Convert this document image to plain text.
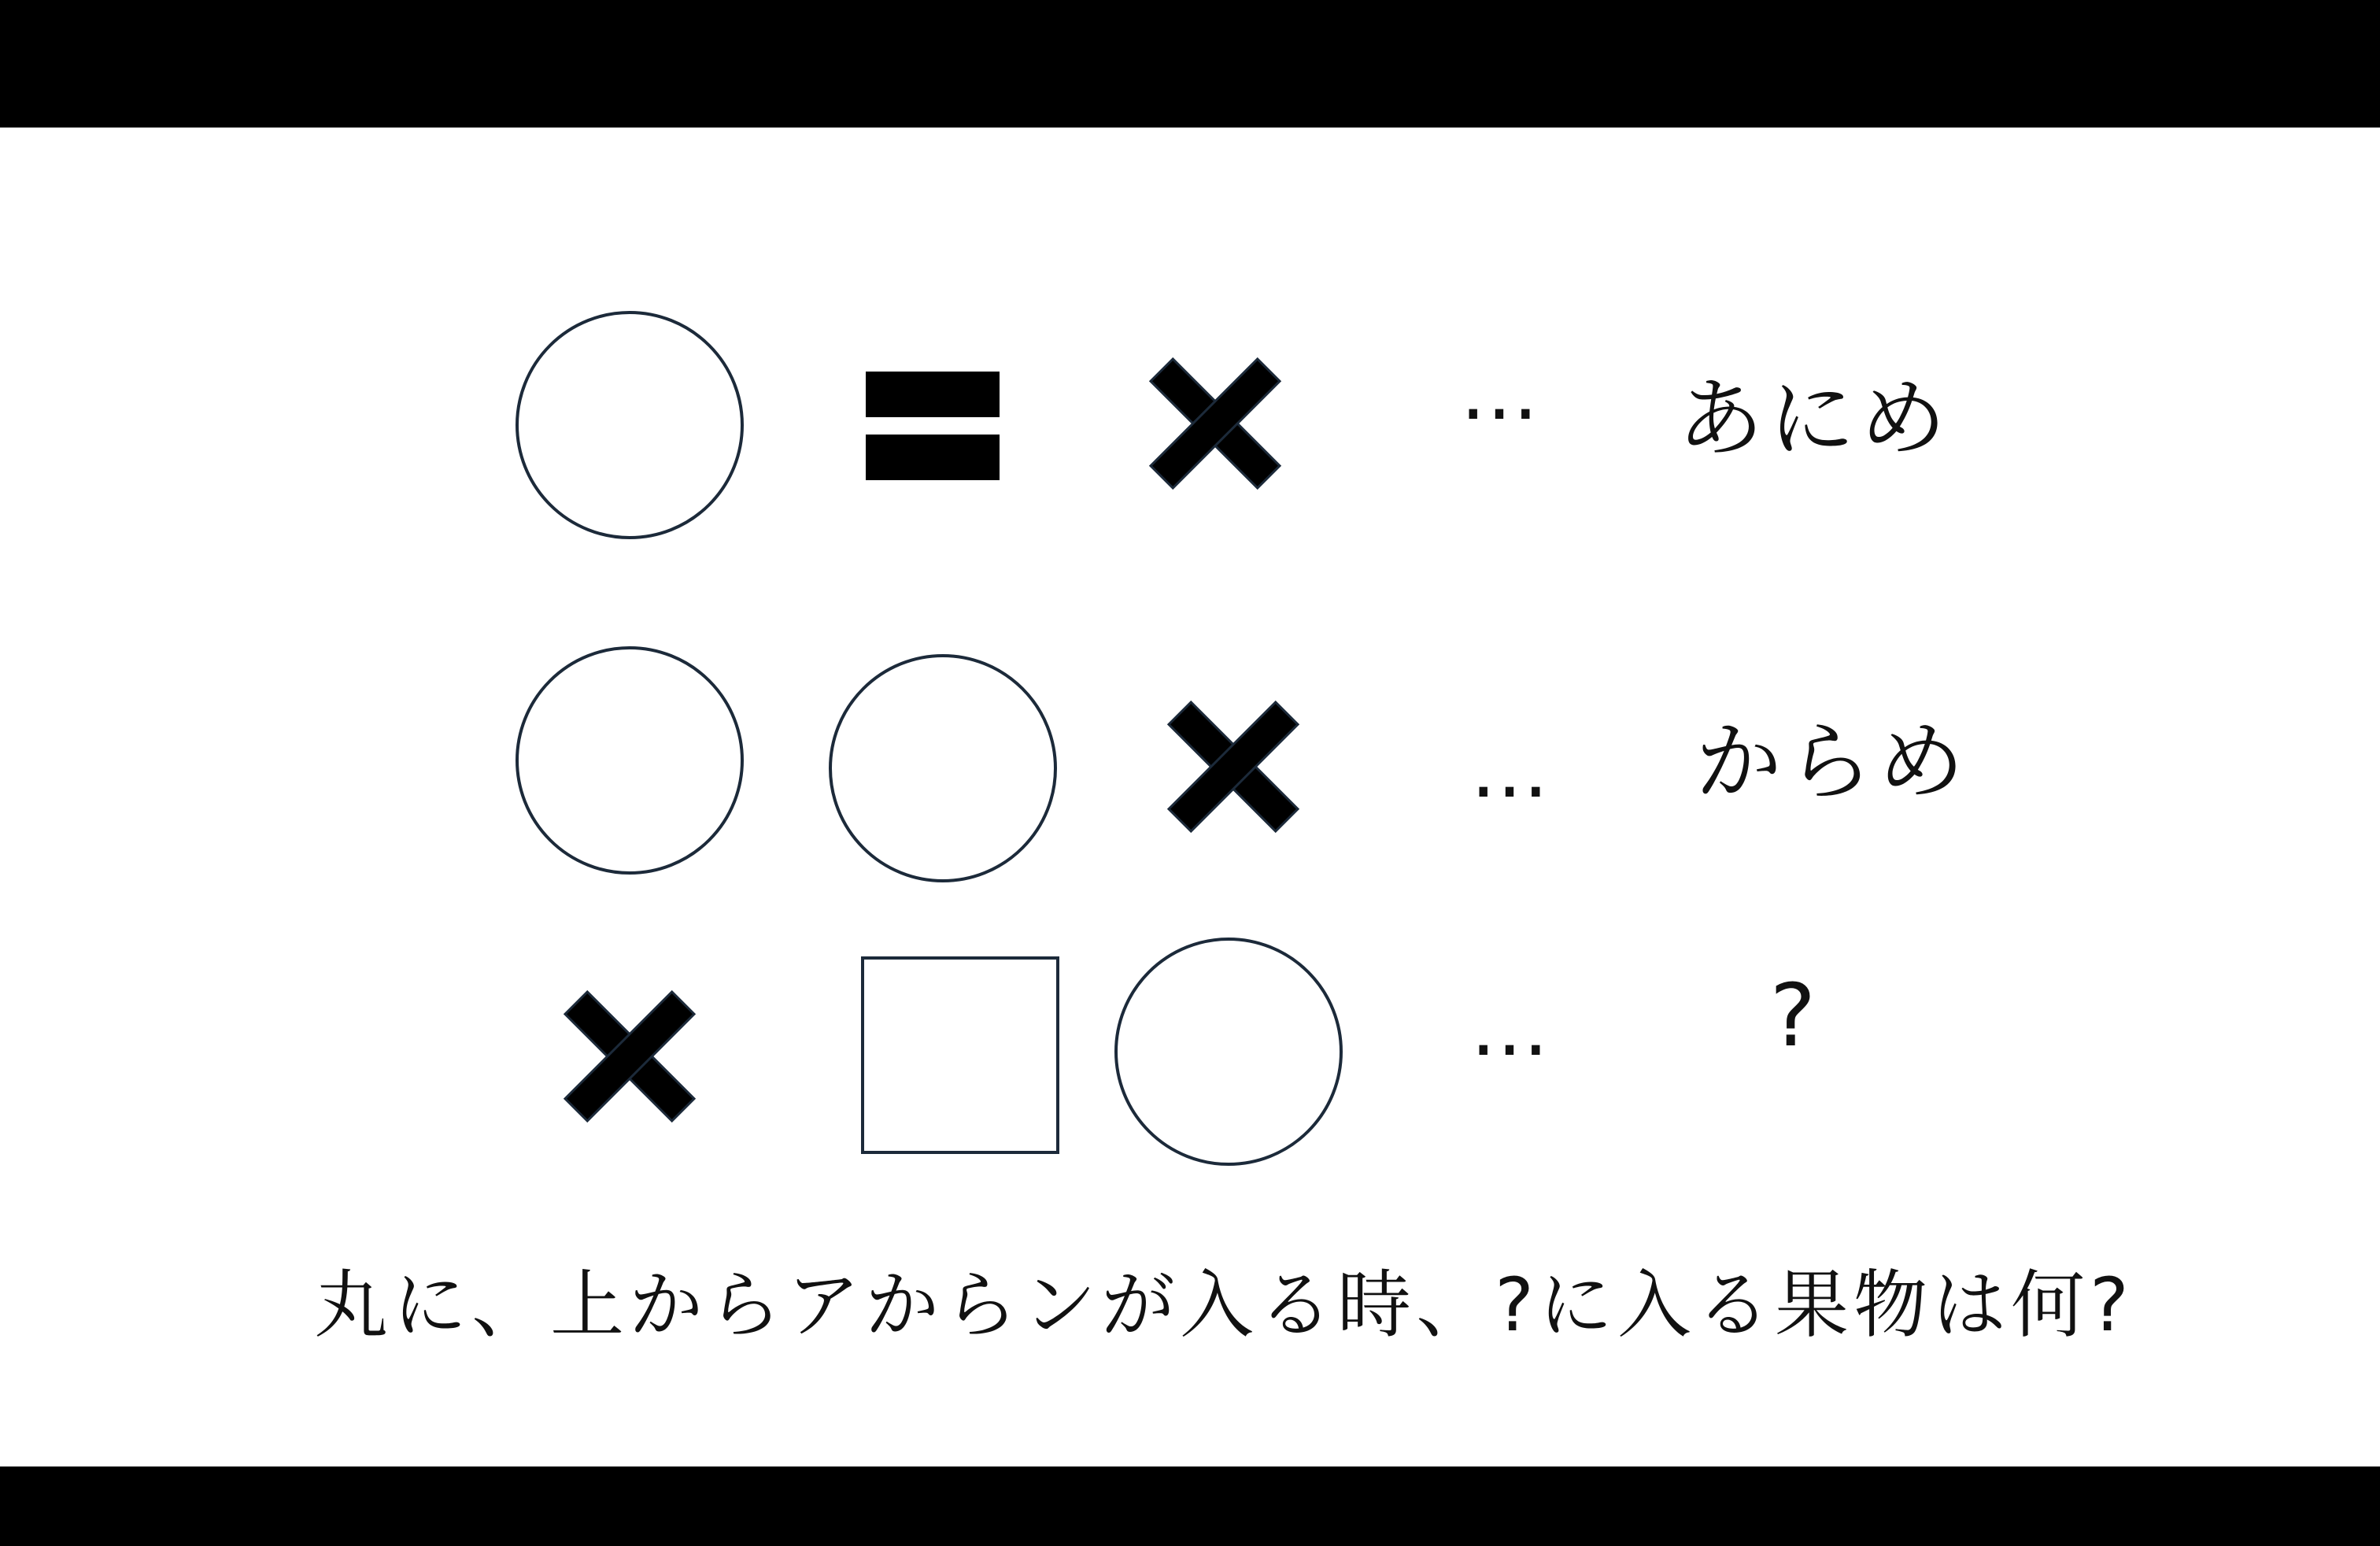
… あにめ
… からめ
…	?
丸に、上からアからンが入る時、?に入る果物は何?
